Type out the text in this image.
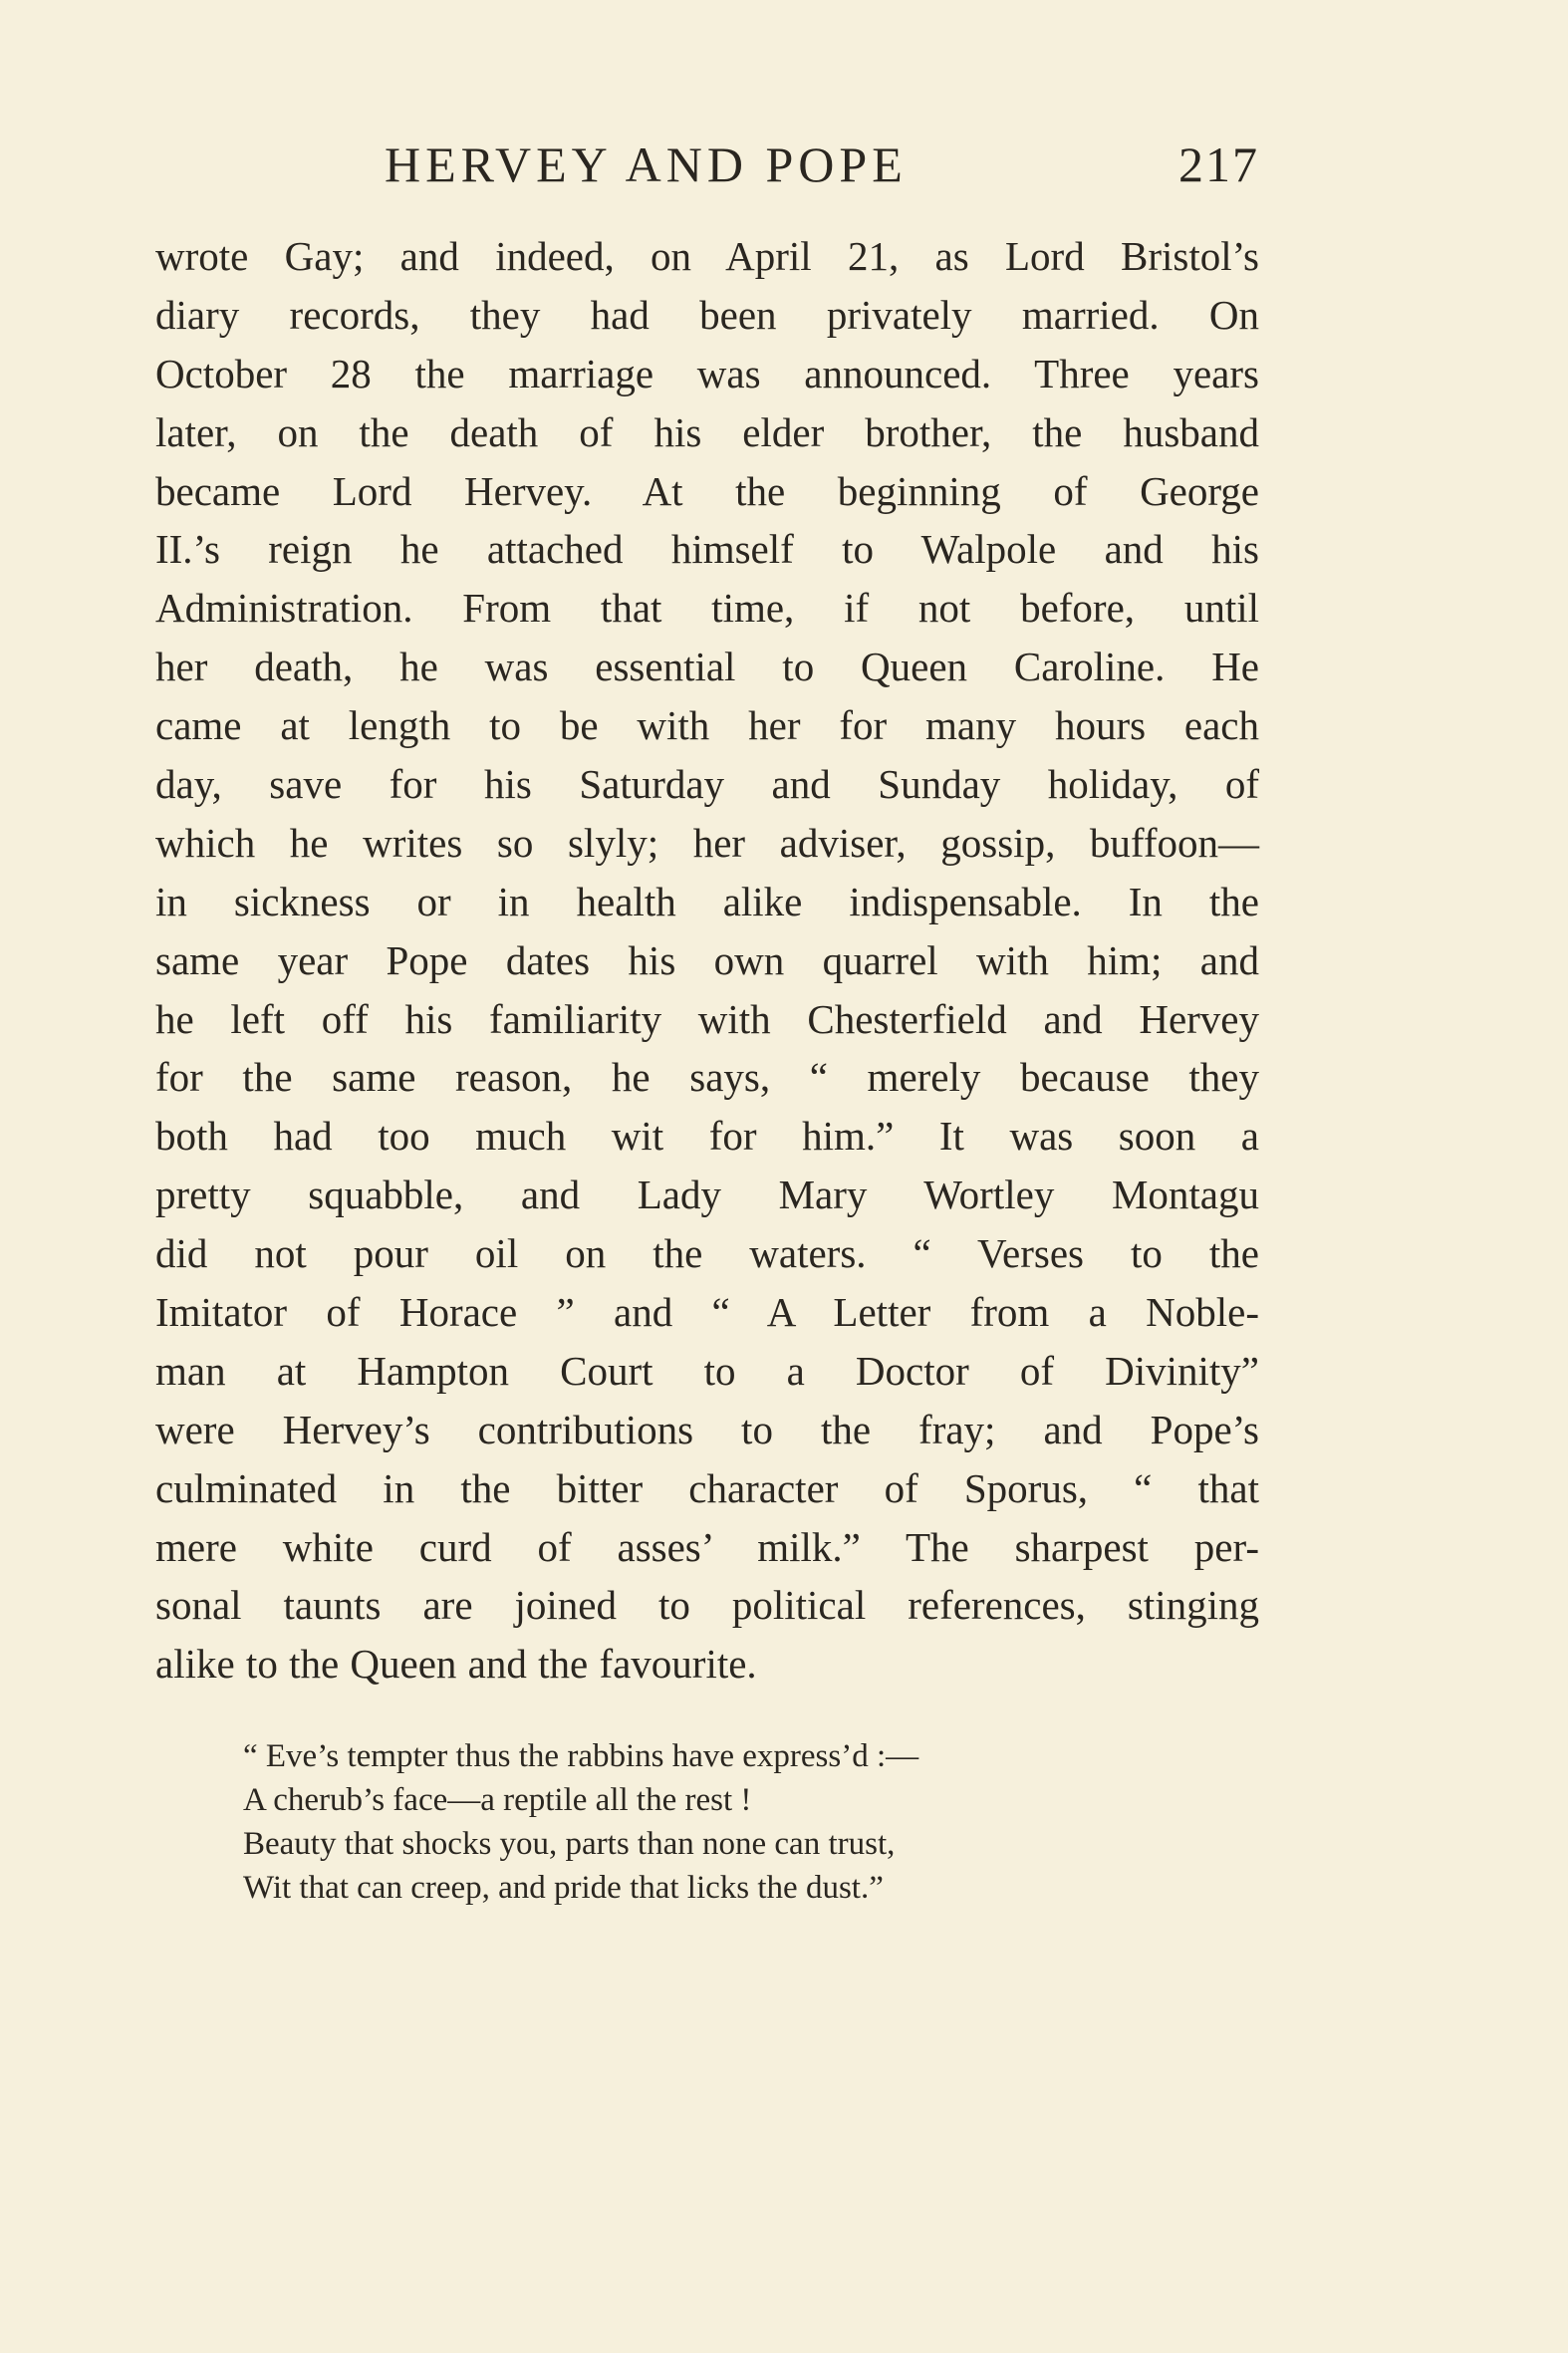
HERVEY AND POPE	217
wrote Gay; and indeed, on April 21, as Lord Bristol’s
diary records, they had been privately married. On
October 28 the marriage was announced. Three years
later, on the death of his elder brother, the husband
became Lord Hervey. At the beginning of George
II.’s reign he attached himself to Walpole and his
Administration. From that time, if not before, until
her death, he was essential to Queen Caroline. He
came at length to be with her for many hours each
day, save for his Saturday and Sunday holiday, of
which he writes so slyly; her adviser, gossip, buffoon—
in sickness or in health alike indispensable. In the
same year Pope dates his own quarrel with him; and
he left off his familiarity with Chesterfield and Hervey
for the same reason, he says, “ merely because they
both had too much wit for him.” It was soon a
pretty squabble, and Lady Mary Wortley Montagu
did not pour oil on the waters. “ Verses to the
Imitator of Horace ” and “ A Letter from a Noble-
man at Hampton Court to a Doctor of Divinity”
were Hervey’s contributions to the fray; and Pope’s
culminated in the bitter character of Sporus, “ that
mere white curd of asses’ milk.” The sharpest per-
sonal taunts are joined to political references, stinging
alike to the Queen and the favourite.
“ Eve’s tempter thus the rabbins have express’d :—
A cherub’s face—a reptile all the rest !
Beauty that shocks you, parts than none can trust,
Wit that can creep, and pride that licks the dust.”
